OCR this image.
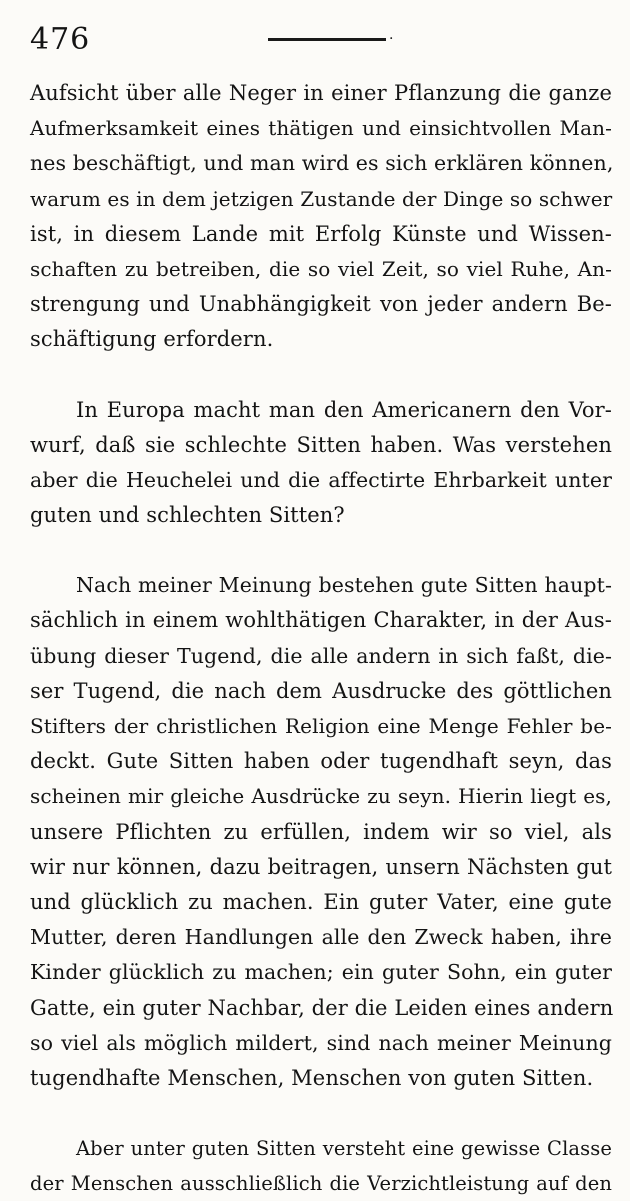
476	·
Aufsicht über alle Neger in einer Pflanzung die ganze
Aufmerksamkeit eines thätigen und einsichtvollen Man-
nes beschäftigt, und man wird es sich erklären können,
warum es in dem jetzigen Zustande der Dinge so schwer
ist, in diesem Lande mit Erfolg Künste und Wissen-
schaften zu betreiben, die so viel Zeit, so viel Ruhe, An-
strengung und Unabhängigkeit von jeder andern Be-
schäftigung erfordern.
In Europa macht man den Americanern den Vor-
wurf, daß sie schlechte Sitten haben. Was verstehen
aber die Heuchelei und die affectirte Ehrbarkeit unter
guten und schlechten Sitten?
Nach meiner Meinung bestehen gute Sitten haupt-
sächlich in einem wohlthätigen Charakter, in der Aus-
übung dieser Tugend, die alle andern in sich faßt, die-
ser Tugend, die nach dem Ausdrucke des göttlichen
Stifters der christlichen Religion eine Menge Fehler be-
deckt. Gute Sitten haben oder tugendhaft seyn, das
scheinen mir gleiche Ausdrücke zu seyn. Hierin liegt es,
unsere Pflichten zu erfüllen, indem wir so viel, als
wir nur können, dazu beitragen, unsern Nächsten gut
und glücklich zu machen. Ein guter Vater, eine gute
Mutter, deren Handlungen alle den Zweck haben, ihre
Kinder glücklich zu machen; ein guter Sohn, ein guter
Gatte, ein guter Nachbar, der die Leiden eines andern
so viel als möglich mildert, sind nach meiner Meinung
tugendhafte Menschen, Menschen von guten Sitten.
Aber unter guten Sitten versteht eine gewisse Classe
der Menschen ausschließlich die Verzichtleistung auf den
